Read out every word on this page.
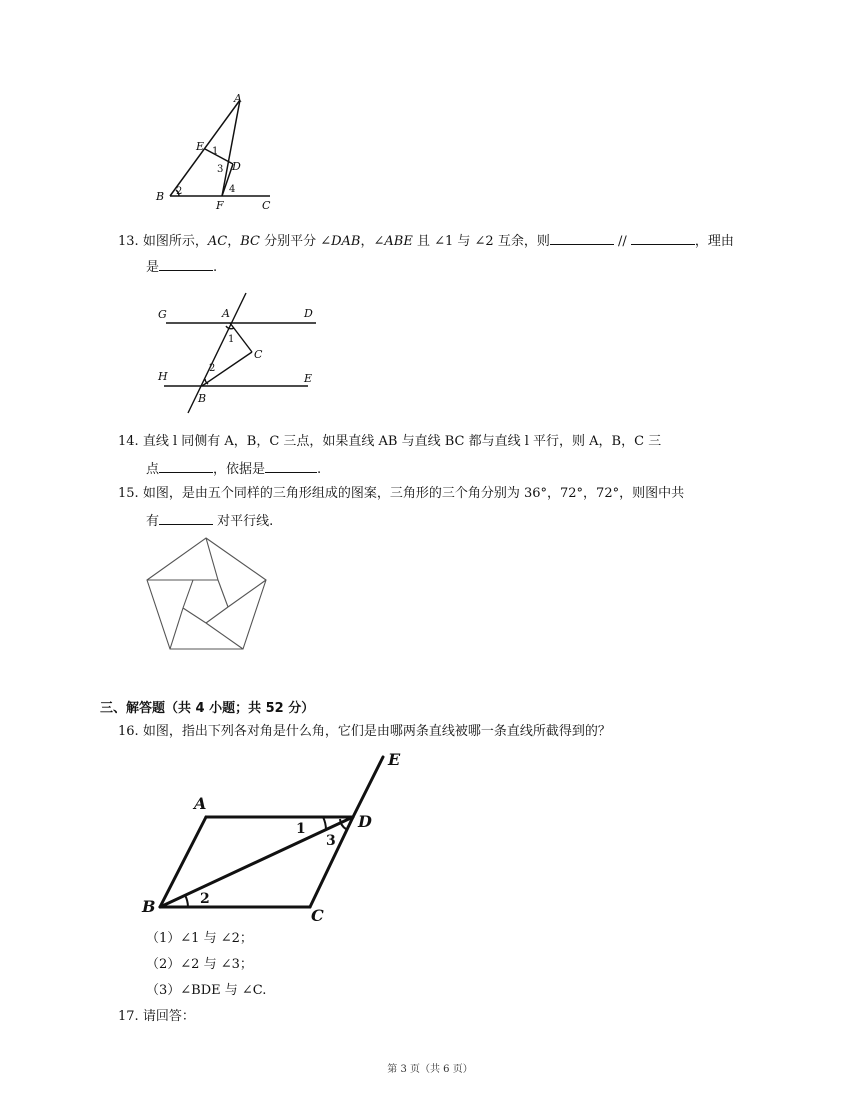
A
E
D
B
F	C
1
3
2	4
13. 如图所示，AC，BC 分别平分 ∠DAB，∠ABE 且 ∠1 与 ∠2 互余，则	//	，理由
是	.
G	A	D
C
H	E
B
1
2
14. 直线 l 同侧有 A，B，C 三点，如果直线 AB 与直线 BC 都与直线 l 平行，则 A，B，C 三
点	，依据是	.
15. 如图，是由五个同样的三角形组成的图案，三角形的三个角分别为 36°，72°，72°，则图中共
有	对平行线.
三、解答题（共 4 小题；共 52 分）
16. 如图，指出下列各对角是什么角，它们是由哪两条直线被哪一条直线所截得到的？
E
A
D
B	C
1
3
2
（1）∠1 与 ∠2；
（2）∠2 与 ∠3；
（3）∠BDE 与 ∠C.
17. 请回答：
第 3 页（共 6 页）
